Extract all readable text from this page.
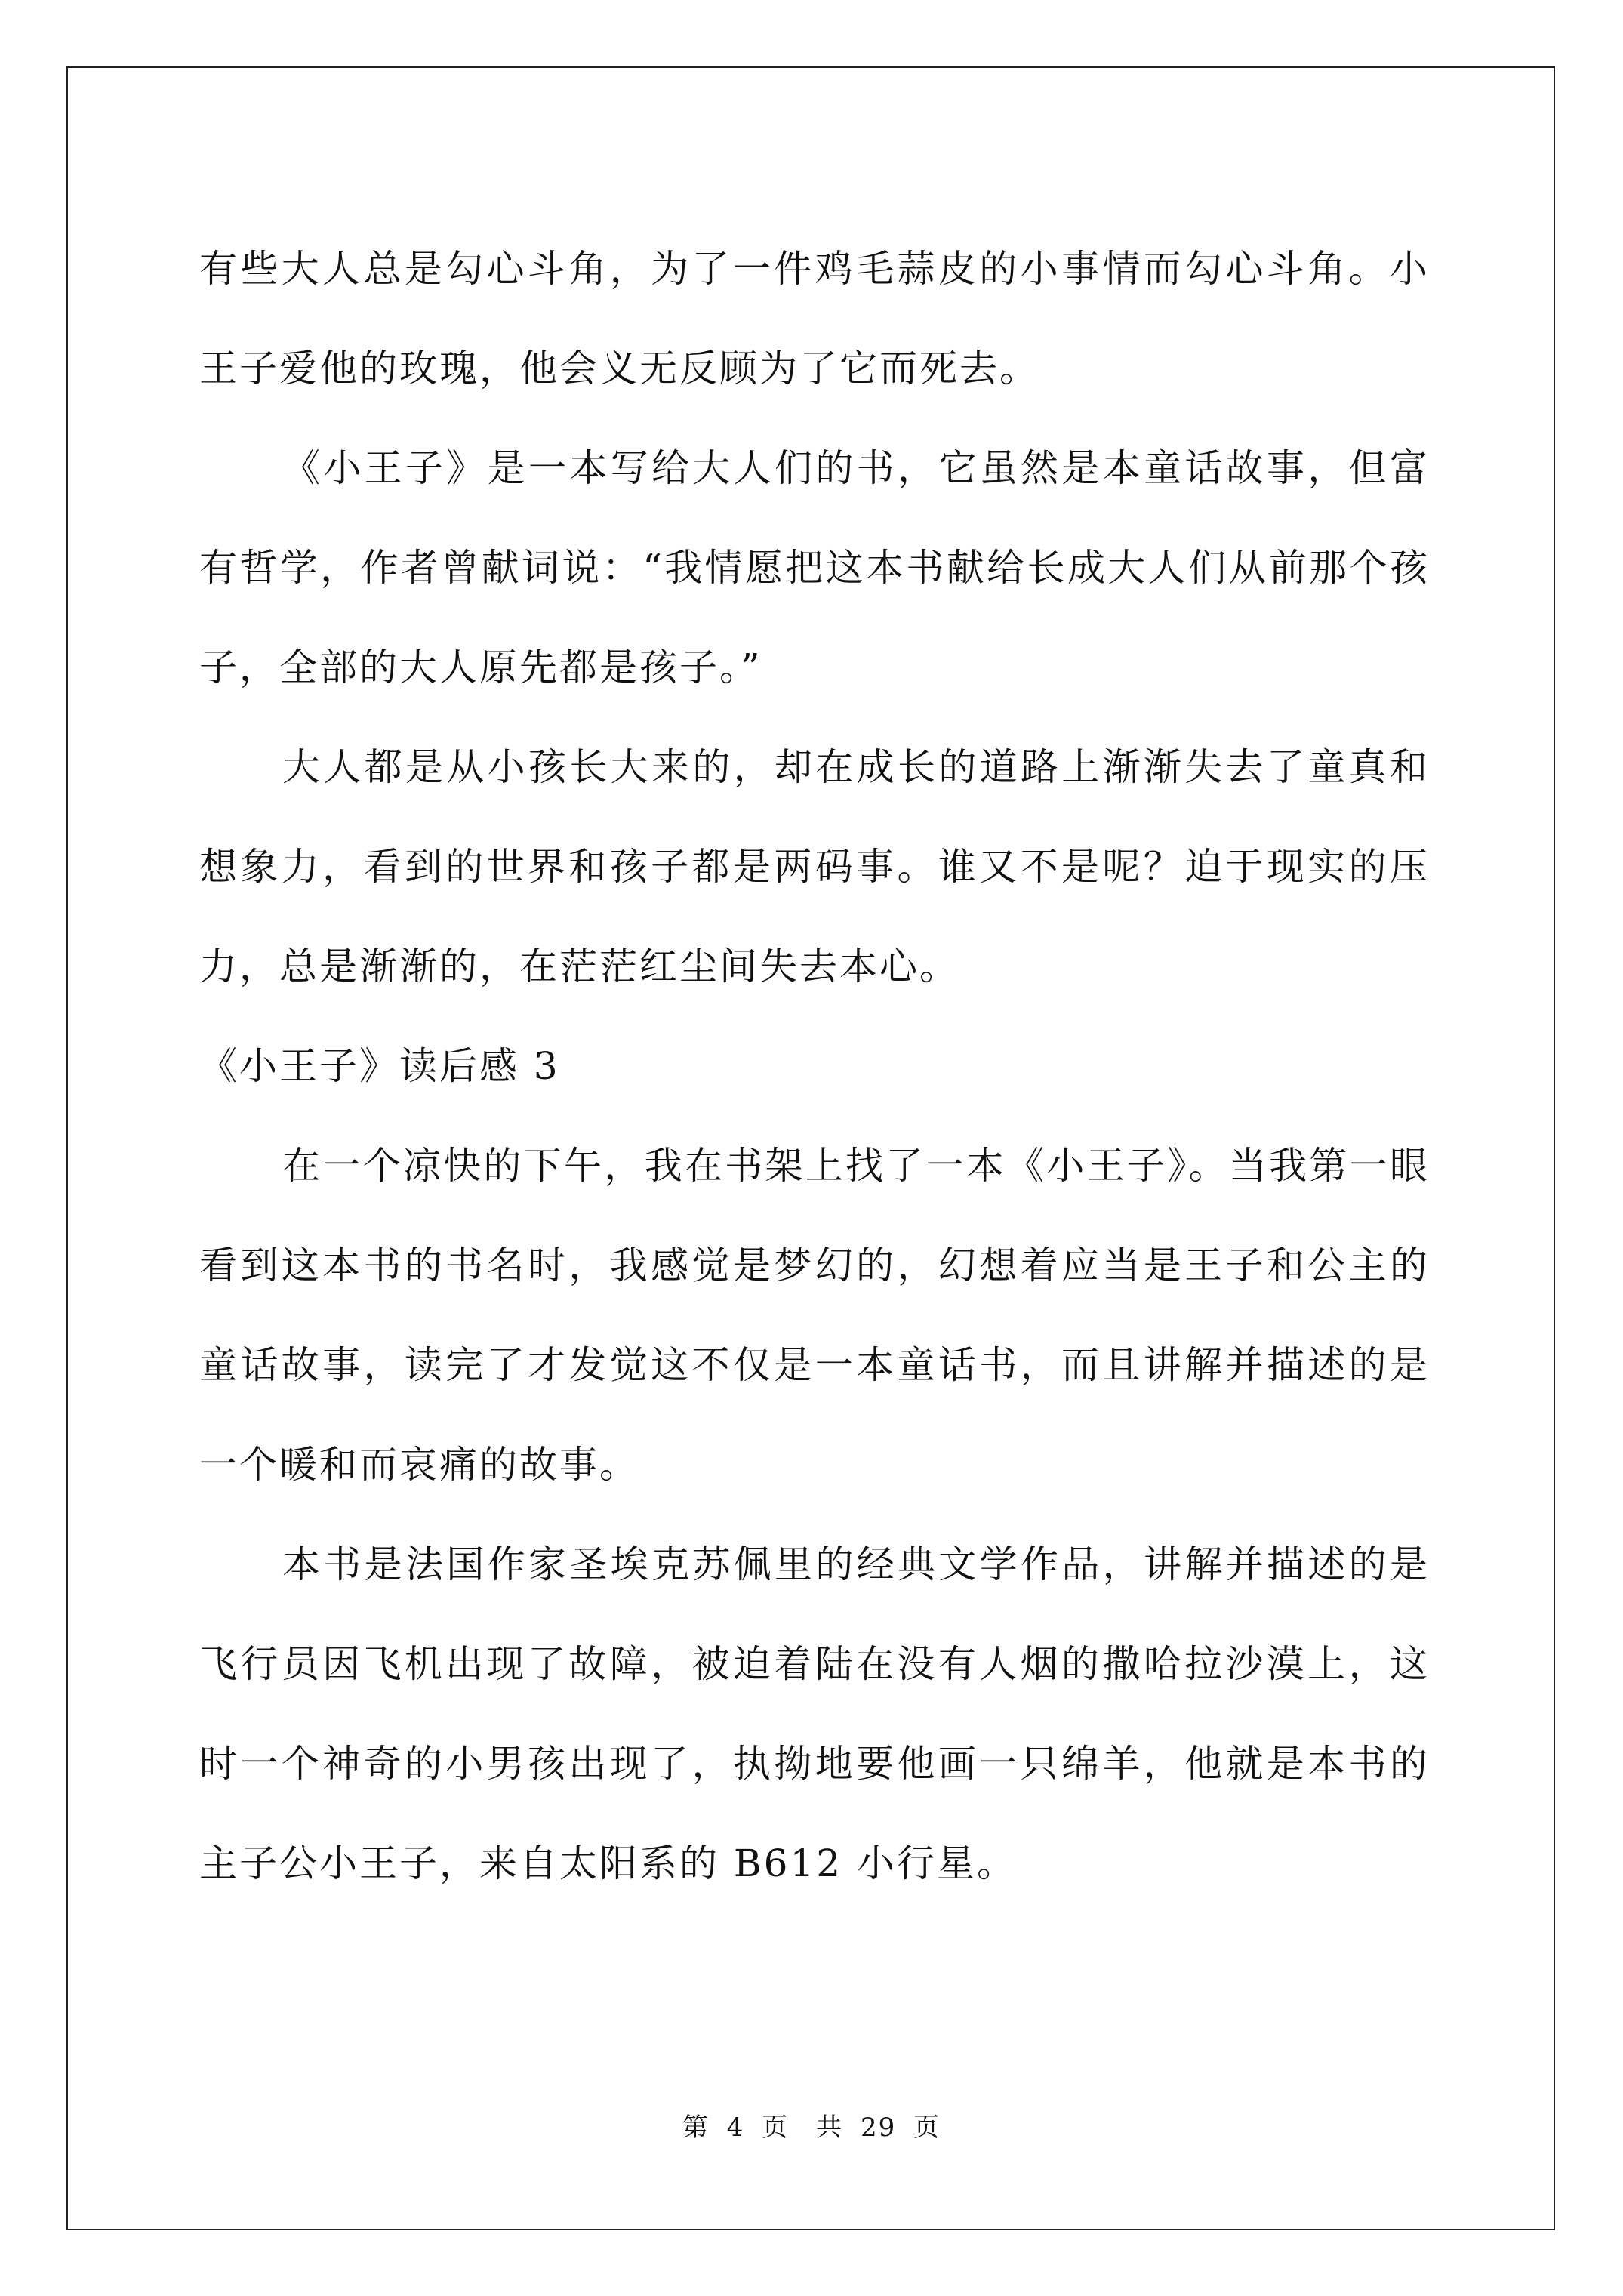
有些大人总是勾心斗角，为了一件鸡毛蒜皮的小事情而勾心斗角。小王子爱他的玫瑰，他会义无反顾为了它而死去。

《小王子》是一本写给大人们的书，它虽然是本童话故事，但富有哲学，作者曾献词说：“我情愿把这本书献给长成大人们从前那个孩子，全部的大人原先都是孩子。”

大人都是从小孩长大来的，却在成长的道路上渐渐失去了童真和想象力，看到的世界和孩子都是两码事。谁又不是呢？迫于现实的压力，总是渐渐的，在茫茫红尘间失去本心。

《小王子》读后感 3

在一个凉快的下午，我在书架上找了一本《小王子》。当我第一眼看到这本书的书名时，我感觉是梦幻的，幻想着应当是王子和公主的童话故事，读完了才发觉这不仅是一本童话书，而且讲解并描述的是一个暖和而哀痛的故事。

本书是法国作家圣埃克苏佩里的经典文学作品，讲解并描述的是飞行员因飞机出现了故障，被迫着陆在没有人烟的撒哈拉沙漠上，这时一个神奇的小男孩出现了，执拗地要他画一只绵羊，他就是本书的主子公小王子，来自太阳系的 B612 小行星。

第 4 页　共 29 页
